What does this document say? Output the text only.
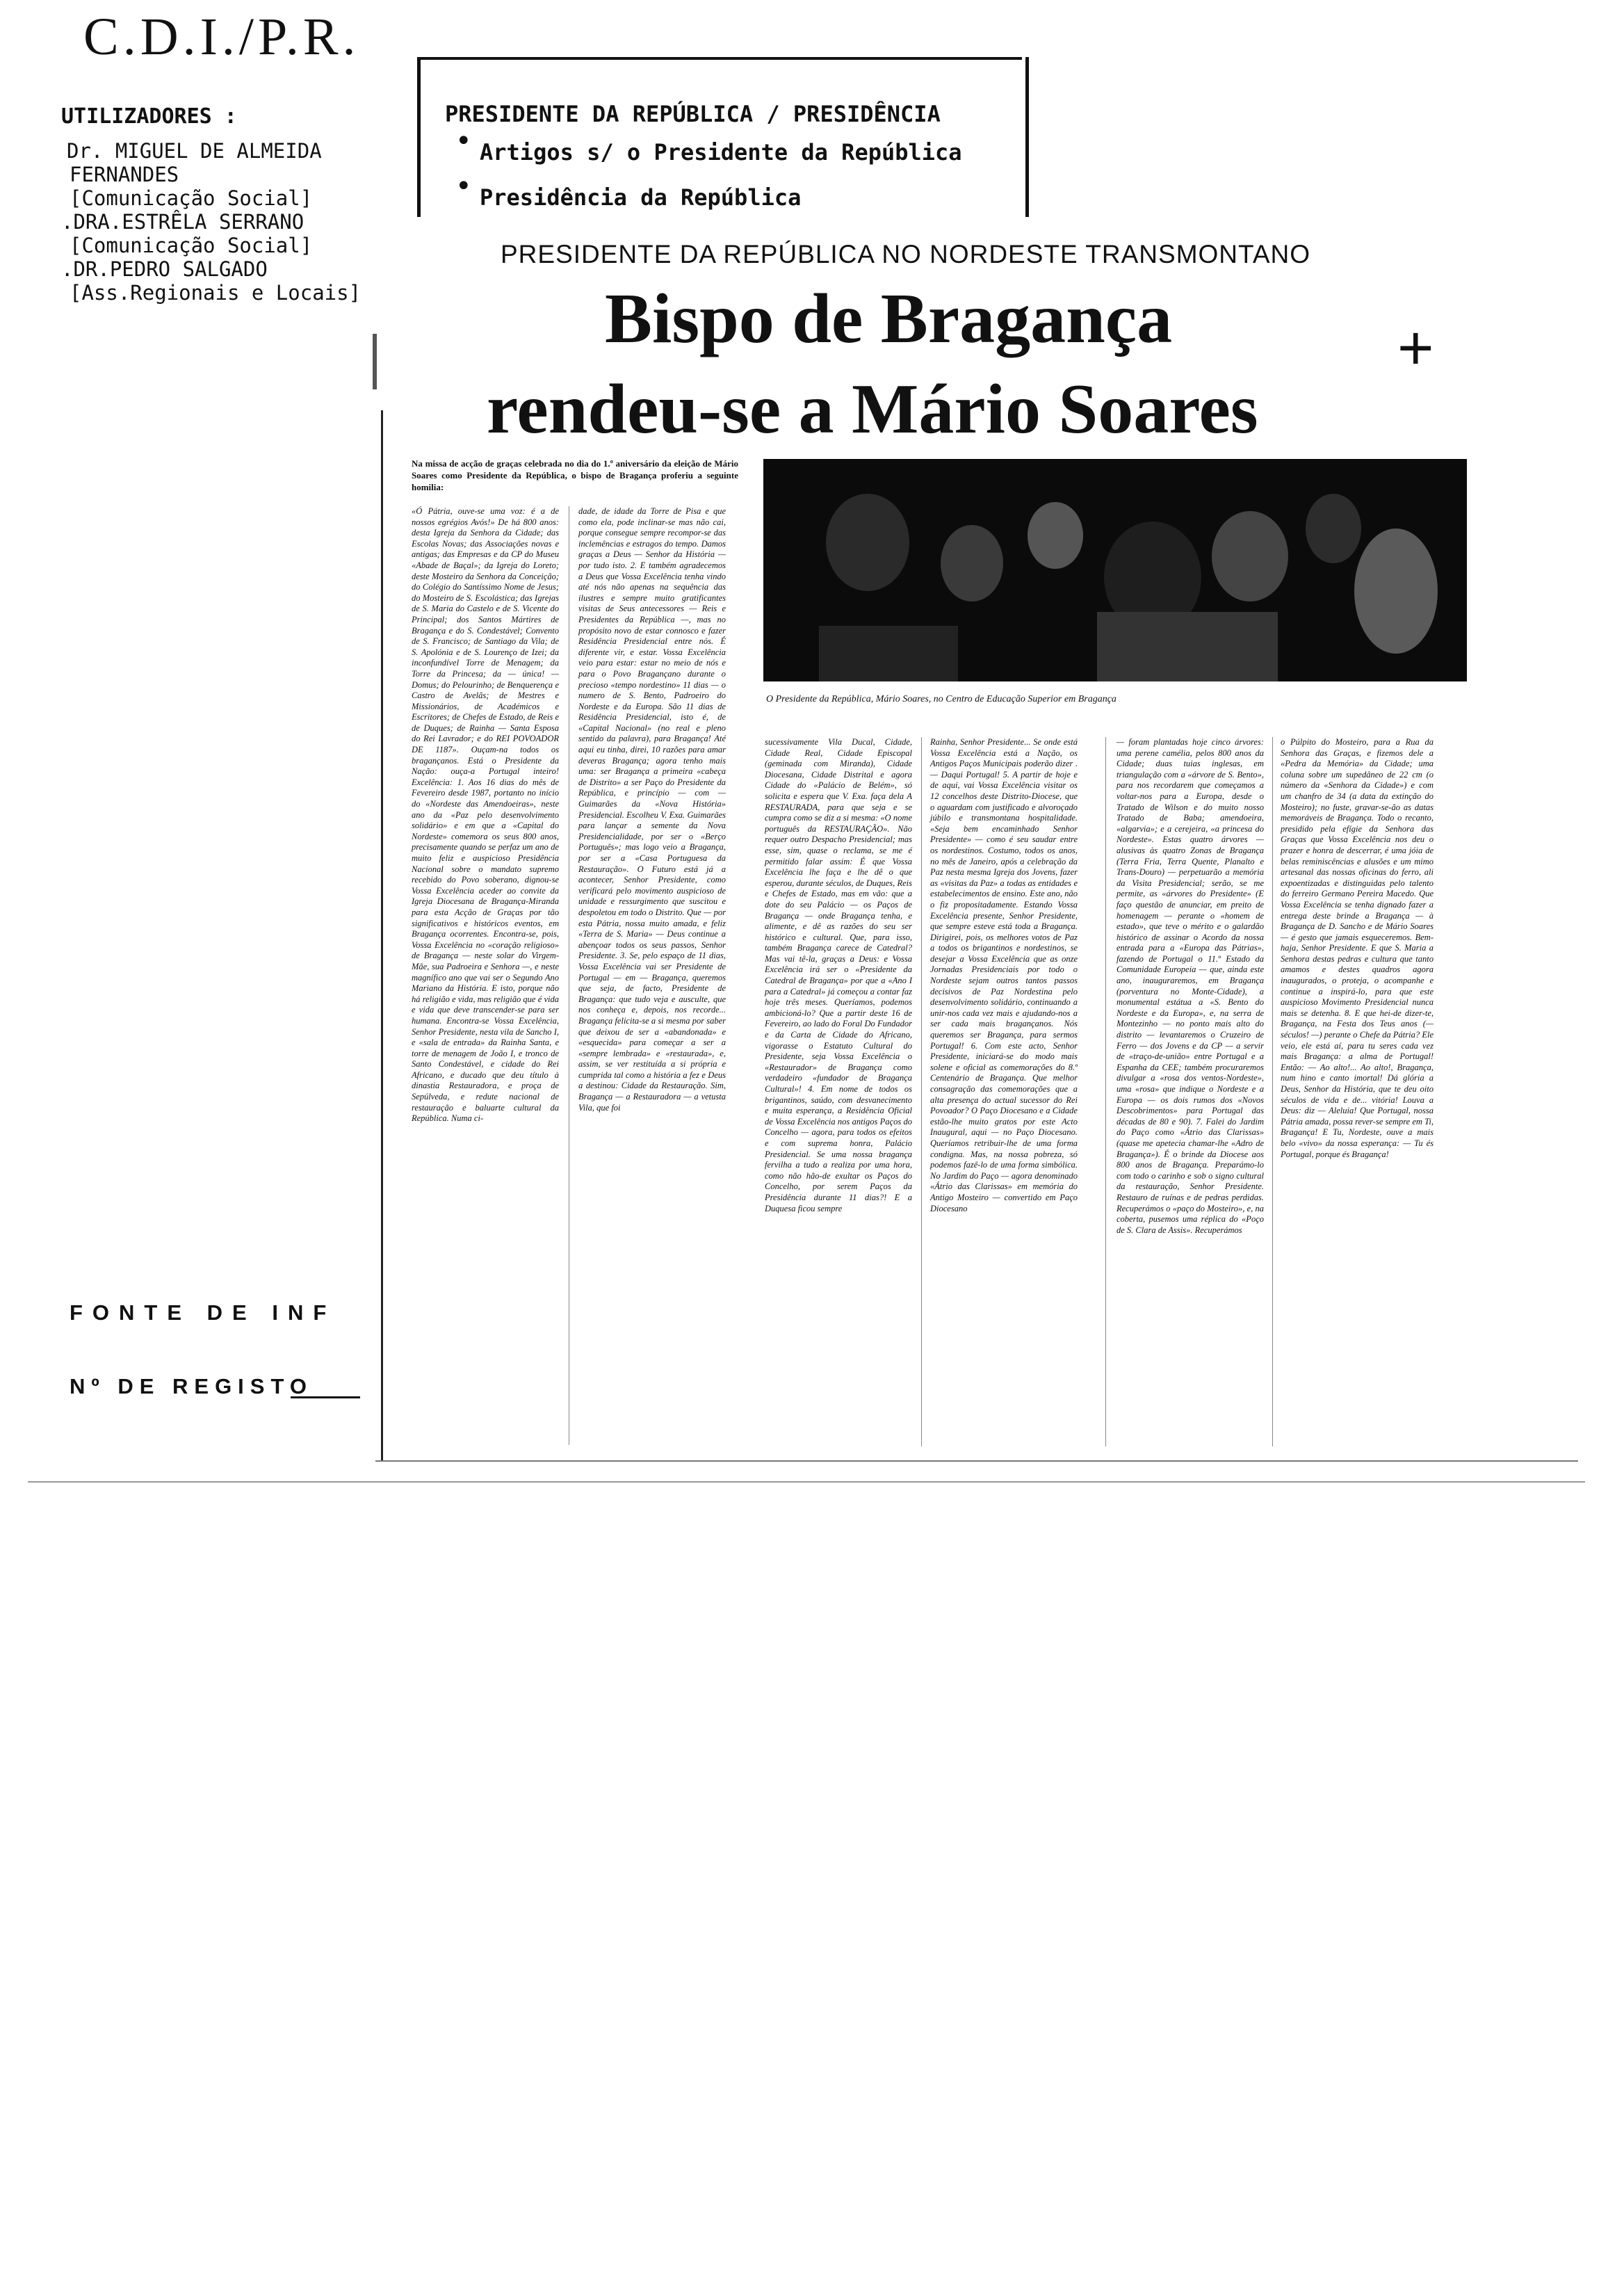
C.D.I./P.R.
UTILIZADORES :
Dr. MIGUEL DE ALMEIDA
FERNANDES
[Comunicação Social]
.DRA.ESTRÊLA SERRANO
[Comunicação Social]
.DR.PEDRO SALGADO
[Ass.Regionais e Locais]
FONTE DE INF
Nº DE REGISTO
PRESIDENTE DA REPÚBLICA / PRESIDÊNCIA
• Artigos s/ o Presidente da República
• Presidência da República
PRESIDENTE DA REPÚBLICA NO NORDESTE TRANSMONTANO
Bispo de Bragança
rendeu-se a Mário Soares
+
Na missa de acção de graças celebrada no dia do 1.º aniversário da eleição de Mário Soares como Presidente da República, o bispo de Bragança proferiu a seguinte homilia:
«Ó Pátria, ouve-se uma voz: é a de nossos egrégios Avós!» De há 800 anos: desta Igreja da Senhora da Cidade; das Escolas Novas; das Associações novas e antigas; das Empresas e da CP do Museu «Abade de Baçal»; da Igreja do Loreto; deste Mosteiro da Senhora da Conceição; do Colégio do Santíssimo Nome de Jesus; do Mosteiro de S. Escolástica; das Igrejas de S. Maria do Castelo e de S. Vicente do Principal; dos Santos Mártires de Bragança e do S. Condestável; Convento de S. Francisco; de Santiago da Vila; de S. Apolónia e de S. Lourenço de Izei; da inconfundível Torre de Menagem; da Torre da Princesa; da — única! — Domus; do Pelourinho; de Benquerença e Castro de Avelãs; de Mestres e Missionários, de Académicos e Escritores; de Chefes de Estado, de Reis e de Duques; de Rainha — Santa Esposa do Rei Lavrador; e do REI POVOADOR DE 1187». Ouçam-na todos os bragançanos. Está o Presidente da Nação: ouça-a Portugal inteiro! Excelência: 1. Aos 16 dias do mês de Fevereiro desde 1987, portanto no início do «Nordeste das Amendoeiras», neste ano da «Paz pelo desenvolvimento solidário» e em que a «Capital do Nordeste» comemora os seus 800 anos, precisamente quando se perfaz um ano de muito feliz e auspicioso Presidência Nacional sobre o mandato supremo recebido do Povo soberano, dignou-se Vossa Excelência aceder ao convite da Igreja Diocesana de Bragança-Miranda para esta Acção de Graças por tão significativos e históricos eventos, em Bragança ocorrentes. Encontra-se, pois, Vossa Excelência no «coração religioso» de Bragança — neste solar do Virgem-Mãe, sua Padroeira e Senhora —, e neste magnífico ano que vai ser o Segundo Ano Mariano da História. E isto, porque não há religião e vida, mas religião que é vida e vida que deve transcender-se para ser humana. Encontra-se Vossa Excelência, Senhor Presidente, nesta vila de Sancho I, e «sala de entrada» da Rainha Santa, e torre de menagem de João I, e tronco de Santo Condestável, e cidade do Rei Africano, e ducado que deu título à dinastia Restauradora, e proça de Sepúlveda, e redute nacional de restauração e baluarte cultural da República. Numa ci-
dade, de idade da Torre de Pisa e que como ela, pode inclinar-se mas não cai, porque consegue sempre recompor-se das inclemências e estragos do tempo. Damos graças a Deus — Senhor da História — por tudo isto. 2. E também agradecemos a Deus que Vossa Excelência tenha vindo até nós não apenas na sequência das ilustres e sempre muito gratificantes visitas de Seus antecessores — Reis e Presidentes da República —, mas no propósito novo de estar connosco e fazer Residência Presidencial entre nós. É diferente vir, e estar. Vossa Excelência veio para estar: estar no meio de nós e para o Povo Bragançano durante o precioso «tempo nordestino» 11 dias — o numero de S. Bento, Padroeiro do Nordeste e da Europa. São 11 dias de Residência Presidencial, isto é, de «Capital Nacional» (no real e pleno sentido da palavra), para Bragança! Até aqui eu tinha, direi, 10 razões para amar deveras Bragança; agora tenho mais uma: ser Bragança a primeira «cabeça de Distrito» a ser Paço do Presidente da República, e princípio — com — Guimarães da «Nova História» Presidencial. Escolheu V. Exa. Guimarães para lançar a semente da Nova Presidencialidade, por ser o «Berço Português»; mas logo veio a Bragança, por ser a «Casa Portuguesa da Restauração». O Futuro está já a acontecer, Senhor Presidente, como verificará pelo movimento auspicioso de unidade e ressurgimento que suscitou e despoletou em todo o Distrito. Que — por esta Pátria, nossa muito amada, e feliz «Terra de S. Maria» — Deus continue a abençoar todos os seus passos, Senhor Presidente. 3. Se, pelo espaço de 11 dias, Vossa Excelência vai ser Presidente de Portugal — em — Bragança, queremos que seja, de facto, Presidente de Bragança: que tudo veja e ausculte, que nos conheça e, depois, nos recorde... Bragança felicita-se a si mesma por saber que deixou de ser a «abandonada» e «esquecida» para começar a ser a «sempre lembrada» e «restaurada», e, assim, se ver restituída a si própria e cumprida tal como a história a fez e Deus a destinou: Cidade da Restauração. Sim, Bragança — a Restauradora — a vetusta Vila, que foi
O Presidente da República, Mário Soares, no Centro de Educação Superior em Bragança
sucessivamente Vila Ducal, Cidade, Cidade Real, Cidade Episcopal (geminada com Miranda), Cidade Diocesana, Cidade Distrital e agora Cidade do «Palácio de Belém», só solicita e espera que V. Exa. faça dela A RESTAURADA, para que seja e se cumpra como se diz a si mesma: «O nome português da RESTAURAÇÃO». Não requer outro Despacho Presidencial; mas esse, sim, quase o reclama, se me é permitido falar assim: É que Vossa Excelência lhe faça e lhe dê o que esperou, durante séculos, de Duques, Reis e Chefes de Estado, mas em vão: que a dote do seu Palácio — os Paços de Bragança — onde Bragança tenha, e alimente, e dê as razões do seu ser histórico e cultural. Que, para isso, também Bragança carece de Catedral? Mas vai tê-la, graças a Deus: e Vossa Excelência irá ser o «Presidente da Catedral de Bragança» por que a «Ano I para a Catedral» já começou a contar faz hoje três meses. Queríamos, podemos ambicioná-lo? Que a partir deste 16 de Fevereiro, ao lado do Foral Do Fundador e da Carta de Cidade do Africano, vigorasse o Estatuto Cultural do Presidente, seja Vossa Excelência o «Restaurador» de Bragança como verdadeiro «fundador de Bragança Cultural»! 4. Em nome de todos os brigantinos, saúdo, com desvanecimento e muita esperança, a Residência Oficial de Vossa Excelência nos antigos Paços do Concelho — agora, para todos os efeitos e com suprema honra, Palácio Presidencial. Se uma nossa bragança fervilha a tudo a realiza por uma hora, como não hão-de exultar os Paços do Concelho, por serem Paços da Presidência durante 11 dias?! E a Duquesa ficou sempre
Rainha, Senhor Presidente... Se onde está Vossa Excelência está a Nação, os Antigos Paços Municipais poderão dizer .— Daqui Portugal! 5. A partir de hoje e de aqui, vai Vossa Excelência visitar os 12 concelhos deste Distrito-Diocese, que o aguardam com justificado e alvoroçado júbilo e transmontana hospitalidade. «Seja bem encaminhado Senhor Presidente» — como é seu saudar entre os nordestinos. Costumo, todos os anos, no mês de Janeiro, após a celebração da Paz nesta mesma Igreja dos Jovens, fazer as «visitas da Paz» a todas as entidades e estabelecimentos de ensino. Este ano, não o fiz propositadamente. Estando Vossa Excelência presente, Senhor Presidente, que sempre esteve está toda a Bragança. Dirigirei, pois, os melhores votos de Paz a todos os brigantinos e nordestinos, se desejar a Vossa Excelência que as onze Jornadas Presidenciais por todo o Nordeste sejam outros tantos passos decisivos de Paz Nordestina pelo desenvolvimento solidário, continuando a unir-nos cada vez mais e ajudando-nos a ser cada mais bragançanos. Nós queremos ser Bragança, para sermos Portugal! 6. Com este acto, Senhor Presidente, iniciará-se do modo mais solene e oficial as comemorações do 8.º Centenário de Bragança. Que melhor consagração das comemorações que a alta presença do actual sucessor do Rei Povoador? O Paço Diocesano e a Cidade estão-lhe muito gratos por este Acto Inaugural, aqui — no Paço Diocesano. Queríamos retribuir-lhe de uma forma condigna. Mas, na nossa pobreza, só podemos fazê-lo de uma forma simbólica. No Jardim do Paço — agora denominado «Átrio das Clarissas» em memória do Antigo Mosteiro — convertido em Paço Diocesano
— foram plantadas hoje cinco árvores: uma perene camélia, pelos 800 anos da Cidade; duas tuias inglesas, em triangulação com a «árvore de S. Bento», para nos recordarem que começamos a voltar-nos para a Europa, desde o Tratado de Wilson e do muito nosso Tratado de Baba; amendoeira, «algarvia»; e a cerejeira, «a princesa do Nordeste». Estas quatro árvores — alusivas às quatro Zonas de Bragança (Terra Fria, Terra Quente, Planalto e Trans-Douro) — perpetuarão a memória da Visita Presidencial; serão, se me permite, as «árvores do Presidente» (E faço questão de anunciar, em preito de homenagem — perante o «homem de estado», que teve o mérito e o galardão histórico de assinar o Acordo da nossa entrada para a «Europa das Pátrias», fazendo de Portugal o 11.º Estado da Comunidade Europeia — que, ainda este ano, inauguraremos, em Bragança (porventura no Monte-Cidade), a monumental estátua a «S. Bento do Nordeste e da Europa», e, na serra de Montezinho — no ponto mais alto do distrito — levantaremos o Cruzeiro de Ferro — dos Jovens e da CP — a servir de «traço-de-união» entre Portugal e a Espanha da CEE; também procuraremos divulgar a «rosa dos ventos-Nordeste», uma «rosa» que indique o Nordeste e a Europa — os dois rumos dos «Novos Descobrimentos» para Portugal das décadas de 80 e 90). 7. Falei do Jardim do Paço como «Átrio das Clarissas» (quase me apetecia chamar-lhe «Adro de Bragança»). É o brinde da Diocese aos 800 anos de Bragança. Preparámo-lo com todo o carinho e sob o signo cultural da restauração, Senhor Presidente. Restauro de ruínas e de pedras perdidas. Recuperámos o «paço do Mosteiro», e, na coberta, pusemos uma réplica do «Poço de S. Clara de Assis». Recuperámos
o Púlpito do Mosteiro, para a Rua da Senhora das Graças, e fizemos dele a «Pedra da Memória» da Cidade; uma coluna sobre um supedâneo de 22 cm (o número da «Senhora da Cidade») e com um chanfro de 34 (a data da extinção do Mosteiro); no fuste, gravar-se-ão as datas memoráveis de Bragança. Todo o recanto, presidido pela efígie da Senhora das Graças que Vossa Excelência nos deu o prazer e honra de descerrar, é uma jóia de belas reminiscências e alusões e um mimo artesanal das nossas oficinas do ferro, ali expoentizadas e distinguidas pelo talento do ferreiro Germano Pereira Macedo. Que Vossa Excelência se tenha dignado fazer a entrega deste brinde a Bragança — à Bragança de D. Sancho e de Mário Soares — é gesto que jamais esqueceremos. Bem-haja, Senhor Presidente. E que S. Maria a Senhora destas pedras e cultura que tanto amamos e destes quadros agora inaugurados, o proteja, o acompanhe e continue a inspirá-lo, para que este auspicioso Movimento Presidencial nunca mais se detenha. 8. E que hei-de dizer-te, Bragança, na Festa dos Teus anos (— séculos! —) perante o Chefe da Pátria? Ele veio, ele está aí, para tu seres cada vez mais Bragança: a alma de Portugal! Então: — Ao alto!... Ao alto!, Bragança, num hino e canto imortal! Dá glória a Deus, Senhor da História, que te deu oito séculos de vida e de... vitória! Louva a Deus: diz — Aleluia! Que Portugal, nossa Pátria amada, possa rever-se sempre em Ti, Bragança! E Tu, Nordeste, ouve a mais belo «vivo» da nossa esperança: — Tu és Portugal, porque és Bragança!
